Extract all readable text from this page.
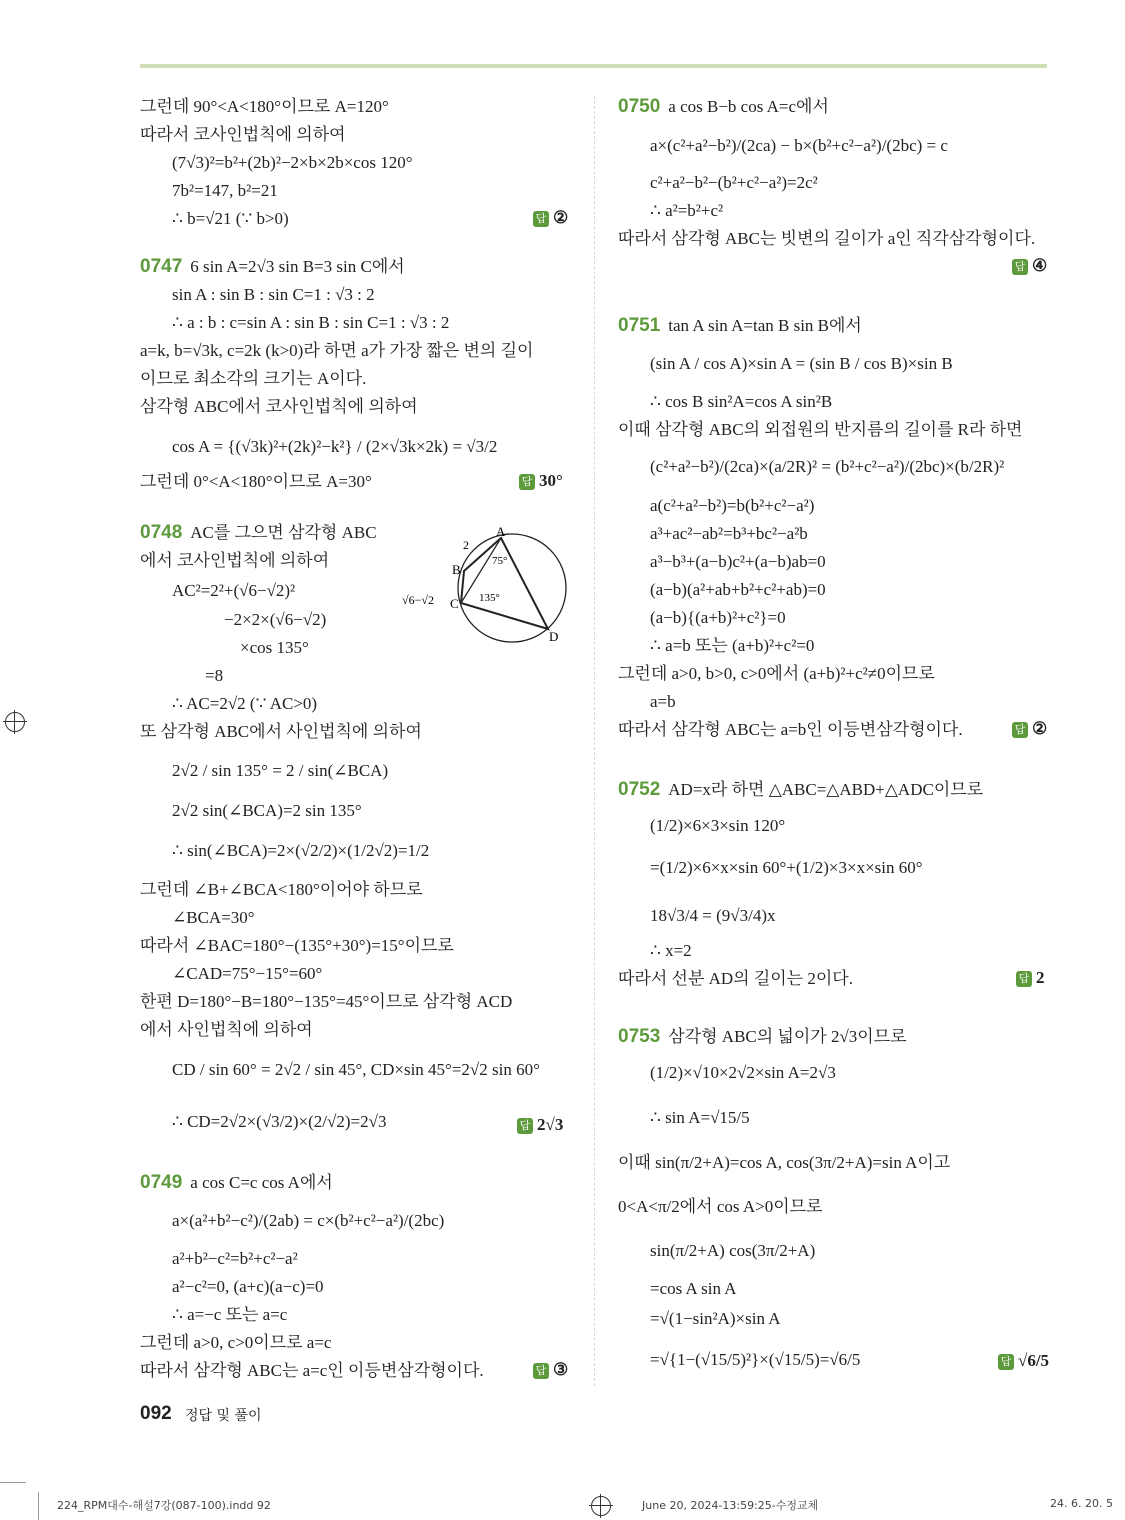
그런데 90°<A<180°이므로 A=120°
따라서 코사인법칙에 의하여
(7√3)²=b²+(2b)²−2×b×2b×cos 120°
7b²=147, b²=21
∴ b=√21 (∵ b>0)	답 ②
0747 6 sin A=2√3 sin B=3 sin C에서
sin A : sin B : sin C=1 : √3 : 2
∴ a : b : c=sin A : sin B : sin C=1 : √3 : 2
a=k, b=√3k, c=2k (k>0)라 하면 a가 가장 짧은 변의 길이
이므로 최소각의 크기는 A이다.
삼각형 ABC에서 코사인법칙에 의하여
cos A = {(√3k)²+(2k)²−k²} / (2×√3k×2k) = √3/2
그런데 0°<A<180°이므로 A=30°	답 30°
0748 AC를 그으면 삼각형 ABC
에서 코사인법칙에 의하여
AC²=2²+(√6−√2)²
−2×2×(√6−√2)
×cos 135°
=8
∴ AC=2√2 (∵ AC>0)
또 삼각형 ABC에서 사인법칙에 의하여
2√2 / sin 135° = 2 / sin(∠BCA)
2√2 sin(∠BCA)=2 sin 135°
∴ sin(∠BCA)=2×(√2/2)×(1/2√2)=1/2
그런데 ∠B+∠BCA<180°이어야 하므로
∠BCA=30°
따라서 ∠BAC=180°−(135°+30°)=15°이므로
∠CAD=75°−15°=60°
한편 D=180°−B=180°−135°=45°이므로 삼각형 ACD
에서 사인법칙에 의하여
CD / sin 60° = 2√2 / sin 45°, CD×sin 45°=2√2 sin 60°
∴ CD=2√2×(√3/2)×(2/√2)=2√3	답 2√3
A
B
C
D
2
√6−√2
75°
135°
0749 a cos C=c cos A에서
a×(a²+b²−c²)/(2ab) = c×(b²+c²−a²)/(2bc)
a²+b²−c²=b²+c²−a²
a²−c²=0, (a+c)(a−c)=0
∴ a=−c 또는 a=c
그런데 a>0, c>0이므로 a=c
따라서 삼각형 ABC는 a=c인 이등변삼각형이다.	답 ③
0750 a cos B−b cos A=c에서
a×(c²+a²−b²)/(2ca) − b×(b²+c²−a²)/(2bc) = c
c²+a²−b²−(b²+c²−a²)=2c²
∴ a²=b²+c²
따라서 삼각형 ABC는 빗변의 길이가 a인 직각삼각형이다.
답 ④
0751 tan A sin A=tan B sin B에서
(sin A / cos A)×sin A = (sin B / cos B)×sin B
∴ cos B sin²A=cos A sin²B
이때 삼각형 ABC의 외접원의 반지름의 길이를 R라 하면
(c²+a²−b²)/(2ca)×(a/2R)² = (b²+c²−a²)/(2bc)×(b/2R)²
a(c²+a²−b²)=b(b²+c²−a²)
a³+ac²−ab²=b³+bc²−a²b
a³−b³+(a−b)c²+(a−b)ab=0
(a−b)(a²+ab+b²+c²+ab)=0
(a−b){(a+b)²+c²}=0
∴ a=b 또는 (a+b)²+c²=0
그런데 a>0, b>0, c>0에서 (a+b)²+c²≠0이므로
a=b
따라서 삼각형 ABC는 a=b인 이등변삼각형이다.	답 ②
0752 AD=x라 하면 △ABC=△ABD+△ADC이므로
(1/2)×6×3×sin 120°
=(1/2)×6×x×sin 60°+(1/2)×3×x×sin 60°
18√3/4 = (9√3/4)x
∴ x=2
따라서 선분 AD의 길이는 2이다.	답 2
0753 삼각형 ABC의 넓이가 2√3이므로
(1/2)×√10×2√2×sin A=2√3
∴ sin A=√15/5
이때 sin(π/2+A)=cos A, cos(3π/2+A)=sin A이고
0<A<π/2에서 cos A>0이므로
sin(π/2+A) cos(3π/2+A)
=cos A sin A
=√(1−sin²A)×sin A
=√{1−(√15/5)²}×(√15/5)=√6/5	답 √6/5
092 정답 및 풀이
224_RPM대수-해설7강(087-100).indd 92	June 20, 2024-13:59:25-수정교체	24. 6. 20. 5
